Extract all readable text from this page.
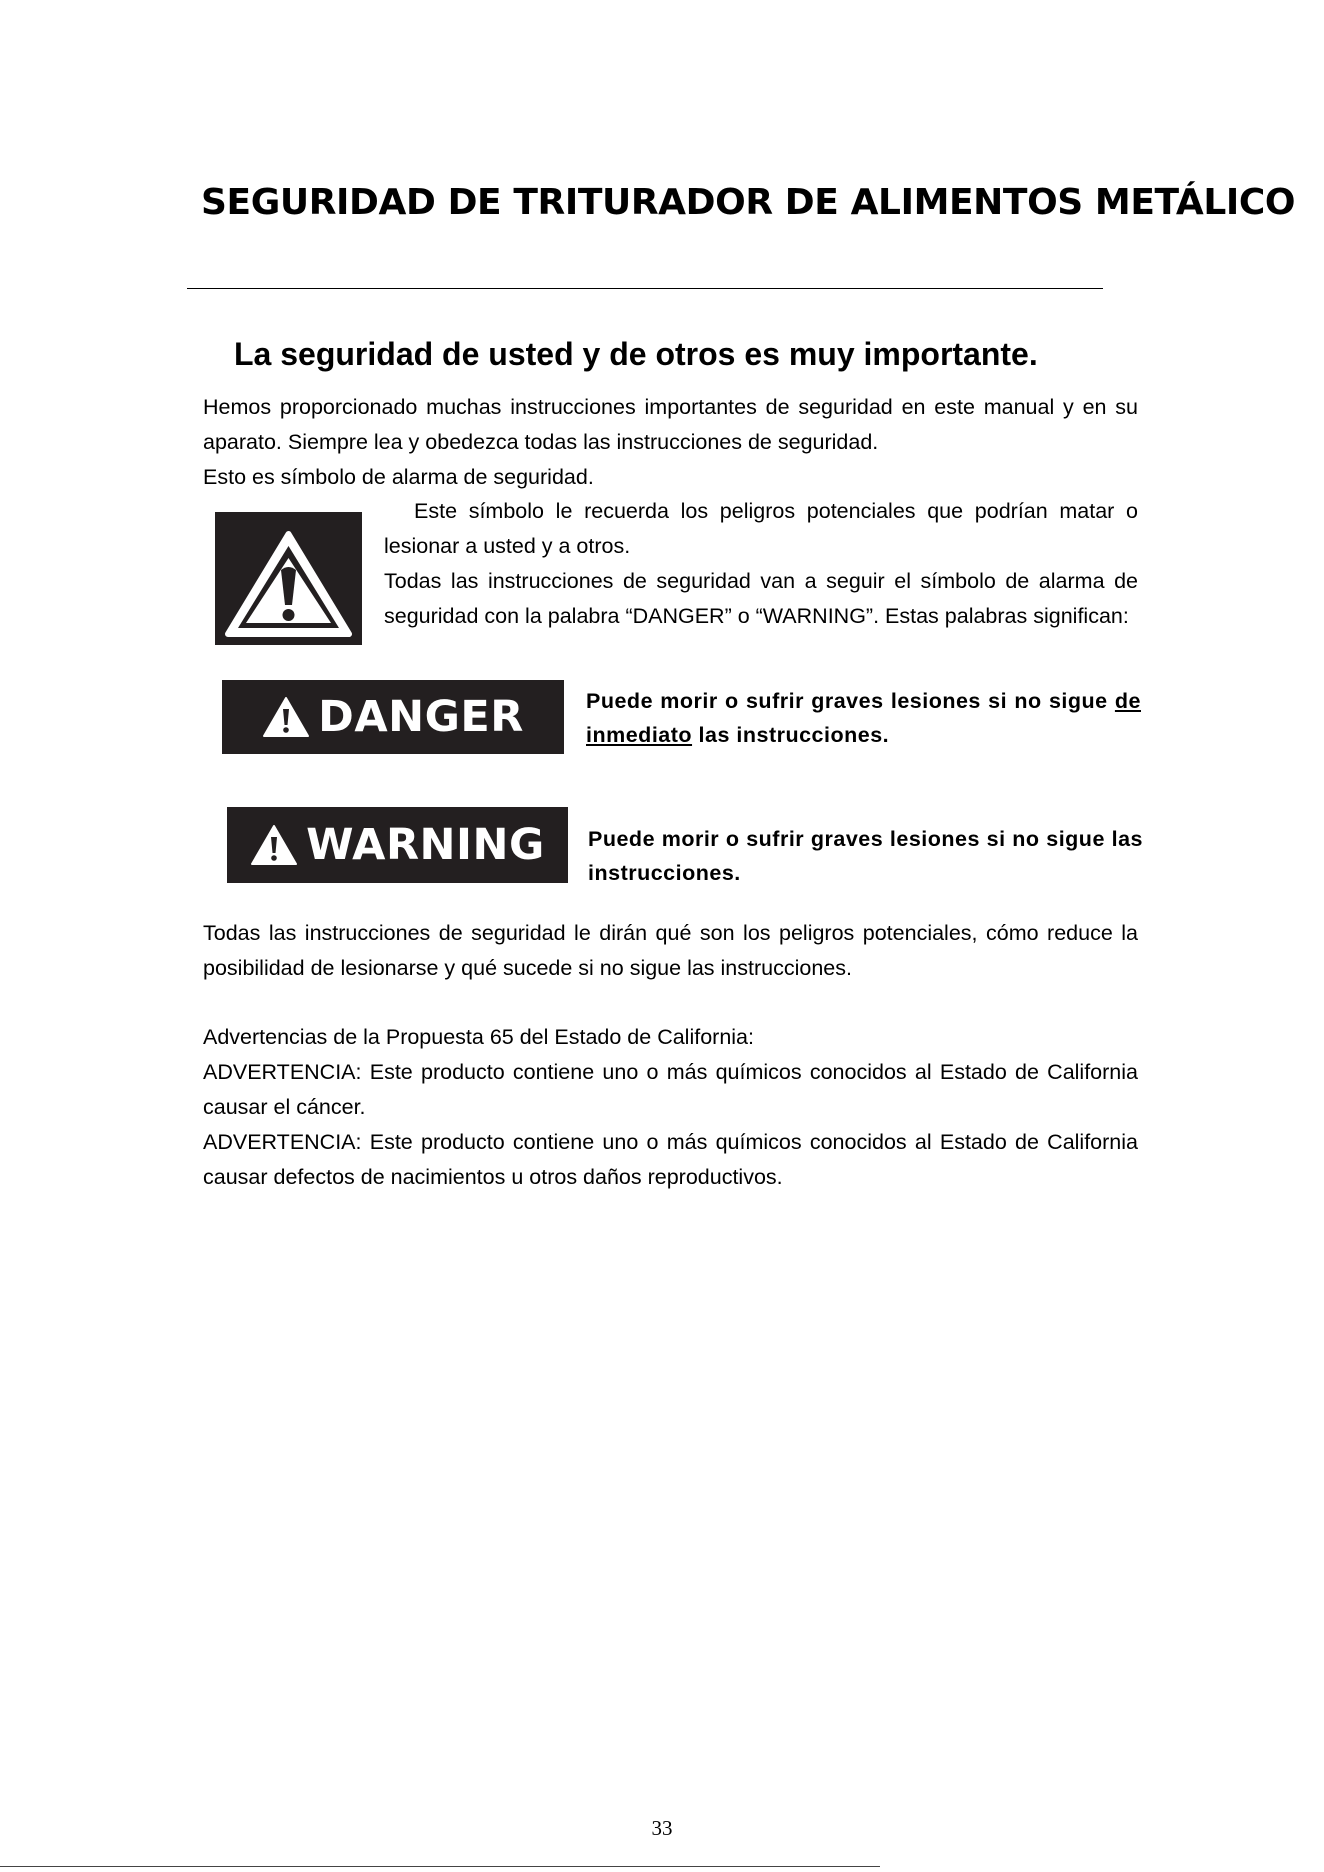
SEGURIDAD DE TRITURADOR DE ALIMENTOS METÁLICO
La seguridad de usted y de otros es muy importante.

Hemos proporcionado muchas instrucciones importantes de seguridad en este manual y en su aparato. Siempre lea y obedezca todas las instrucciones de seguridad.

Esto es símbolo de alarma de seguridad.

Este símbolo le recuerda los peligros potenciales que podrían matar o lesionar a usted y a otros.
Todas las instrucciones de seguridad van a seguir el símbolo de alarma de seguridad con la palabra “DANGER” o “WARNING”. Estas palabras significan:
DANGER	Puede morir o sufrir graves lesiones si no sigue de inmediato las instrucciones.

WARNING Puede morir o sufrir graves lesiones si no sigue las instrucciones.

Todas las instrucciones de seguridad le dirán qué son los peligros potenciales, cómo reduce la posibilidad de lesionarse y qué sucede si no sigue las instrucciones.

Advertencias de la Propuesta 65 del Estado de California:
ADVERTENCIA: Este producto contiene uno o más químicos conocidos al Estado de California causar el cáncer.
ADVERTENCIA: Este producto contiene uno o más químicos conocidos al Estado de California causar defectos de nacimientos u otros daños reproductivos.
33
